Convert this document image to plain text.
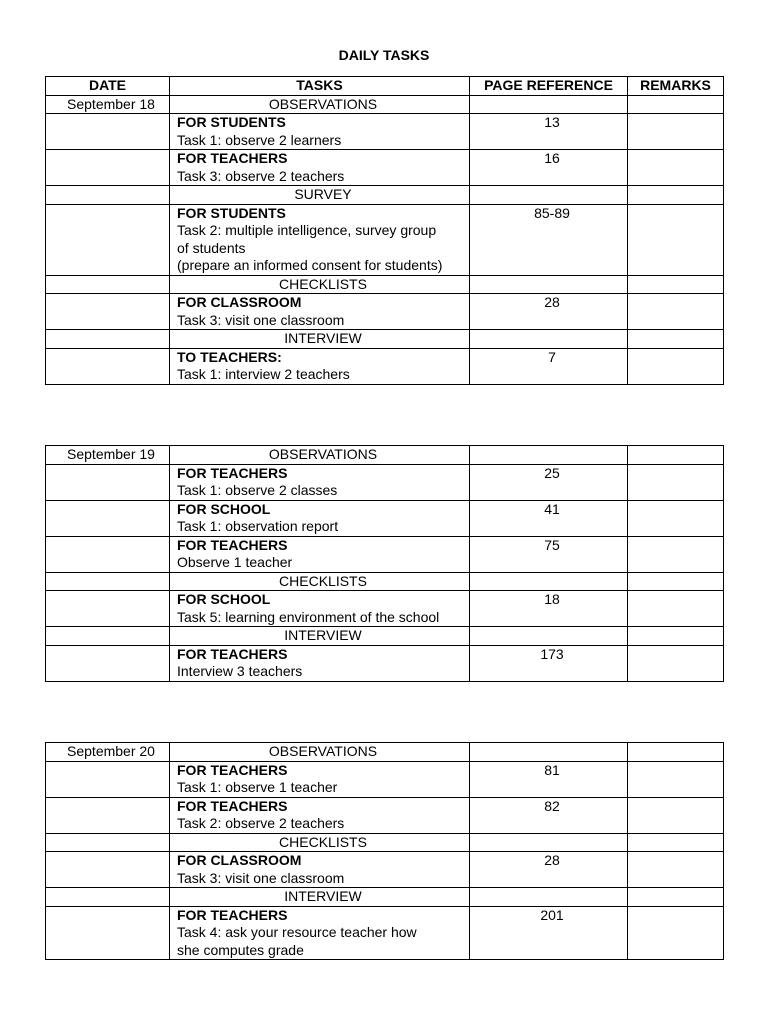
DAILY TASKS
DATE	TASKS	PAGE REFERENCE	REMARKS
September 18	OBSERVATIONS		

	FOR STUDENTS
Task 1: observe 2 learners	13	

	FOR TEACHERS
Task 3: observe 2 teachers	16	
	SURVEY		

	FOR STUDENTS
Task 2: multiple intelligence, survey group
of students
(prepare an informed consent for students)	85-89	
	CHECKLISTS		

	FOR CLASSROOM
Task 3: visit one classroom	28	
	INTERVIEW		

	TO TEACHERS:
Task 1: interview 2 teachers	7	
September 19	OBSERVATIONS		

	FOR TEACHERS
Task 1: observe 2 classes	25	

	FOR SCHOOL
Task 1: observation report	41	

	FOR TEACHERS
Observe 1 teacher	75	
	CHECKLISTS		

	FOR SCHOOL
Task 5: learning environment of the school	18	
	INTERVIEW		

	FOR TEACHERS
Interview 3 teachers	173	
September 20	OBSERVATIONS		

	FOR TEACHERS
Task 1: observe 1 teacher	81	

	FOR TEACHERS
Task 2: observe 2 teachers	82	
	CHECKLISTS		

	FOR CLASSROOM
Task 3: visit one classroom	28	
	INTERVIEW		

	FOR TEACHERS
Task 4: ask your resource teacher how
she computes grade	201	
